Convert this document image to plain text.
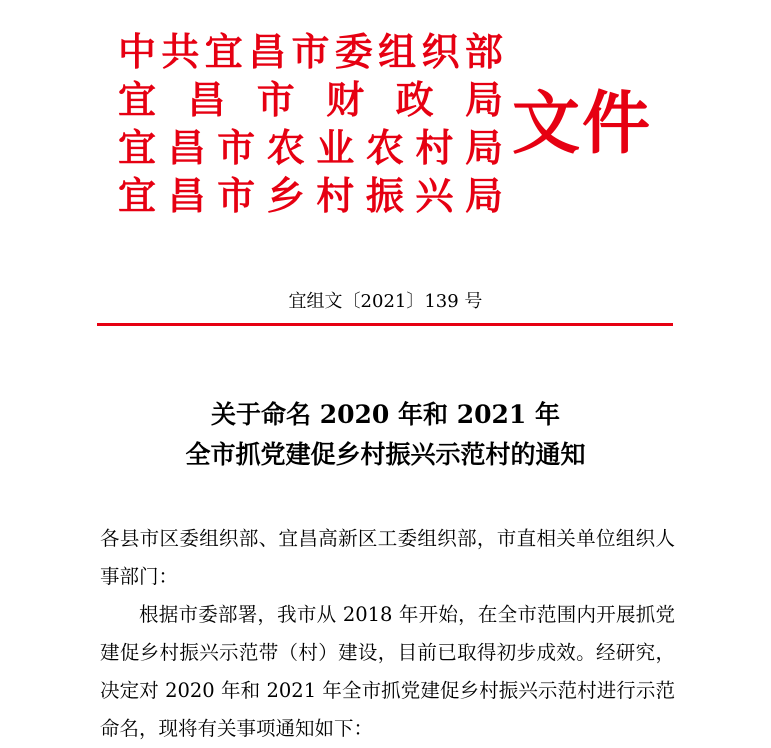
中 共 宜 昌 市 委 组 织 部
宜 昌 市 财 政 局
宜 昌 市 农 业 农 村 局
宜 昌 市 乡 村 振 兴 局
文件
宜组文〔2021〕139 号
关于命名 2020 年和 2021 年
全市抓党建促乡村振兴示范村的通知

各县市区委组织部、宜昌高新区工委组织部，市直相关单位组织人事部门：

根据市委部署，我市从 2018 年开始，在全市范围内开展抓党建促乡村振兴示范带（村）建设，目前已取得初步成效。经研究，决定对 2020 年和 2021 年全市抓党建促乡村振兴示范村进行示范命名，现将有关事项通知如下：
